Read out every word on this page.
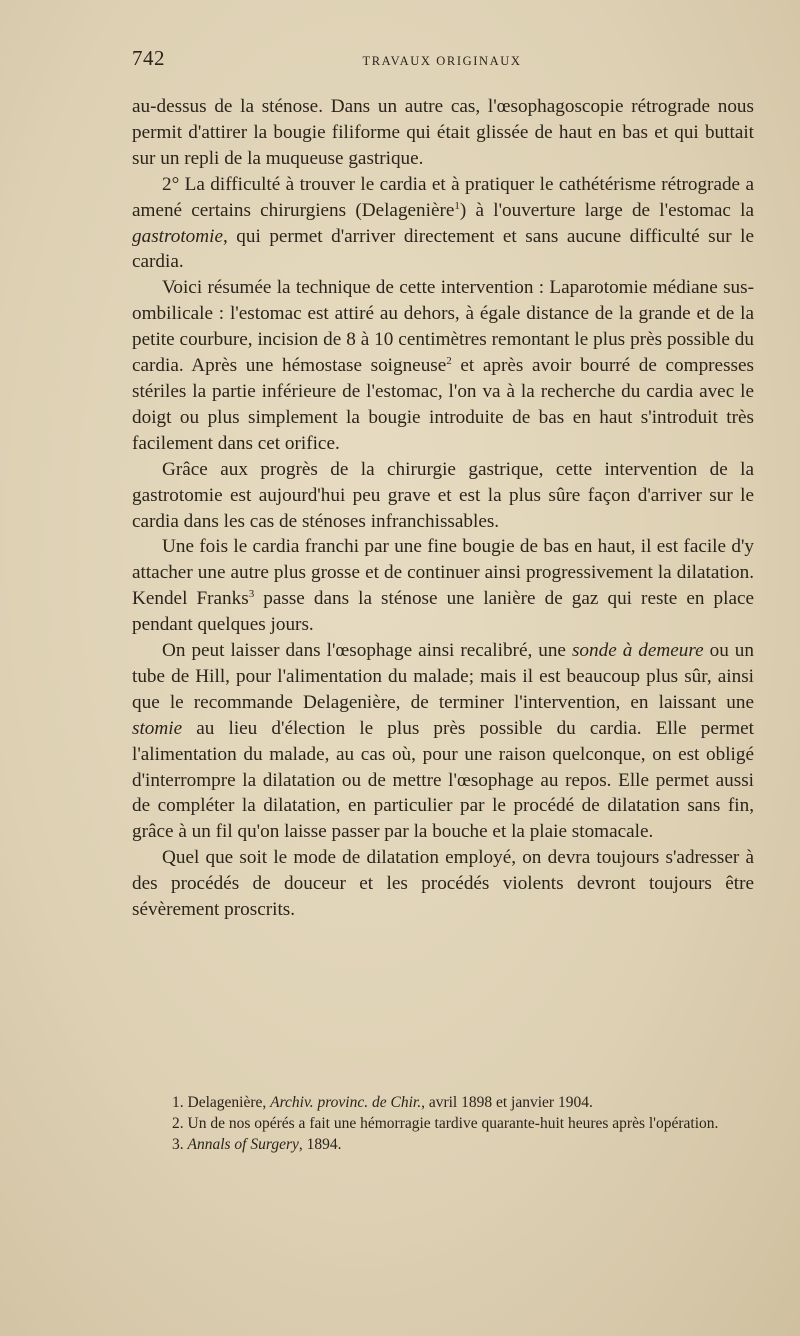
742	TRAVAUX ORIGINAUX

au-dessus de la sténose. Dans un autre cas, l'œsophagoscopie rétrograde nous permit d'attirer la bougie filiforme qui était glissée de haut en bas et qui buttait sur un repli de la muqueuse gastrique.

2° La difficulté à trouver le cardia et à pratiquer le cathétérisme rétrograde a amené certains chirurgiens (Delagenière$^1$) à l'ouverture large de l'estomac la gastrotomie, qui permet d'arriver directement et sans aucune difficulté sur le cardia.

Voici résumée la technique de cette intervention : Laparotomie médiane sus-ombilicale : l'estomac est attiré au dehors, à égale distance de la grande et de la petite courbure, incision de 8 à 10 centimètres remontant le plus près possible du cardia. Après une hémostase soigneuse$^2$ et après avoir bourré de compresses stériles la partie inférieure de l'estomac, l'on va à la recherche du cardia avec le doigt ou plus simplement la bougie introduite de bas en haut s'introduit très facilement dans cet orifice.

Grâce aux progrès de la chirurgie gastrique, cette intervention de la gastrotomie est aujourd'hui peu grave et est la plus sûre façon d'arriver sur le cardia dans les cas de sténoses infranchissables.

Une fois le cardia franchi par une fine bougie de bas en haut, il est facile d'y attacher une autre plus grosse et de continuer ainsi progressivement la dilatation. Kendel Franks$^3$ passe dans la sténose une lanière de gaz qui reste en place pendant quelques jours.

On peut laisser dans l'œsophage ainsi recalibré, une sonde à demeure ou un tube de Hill, pour l'alimentation du malade; mais il est beaucoup plus sûr, ainsi que le recommande Delagenière, de terminer l'intervention, en laissant une stomie au lieu d'élection le plus près possible du cardia. Elle permet l'alimentation du malade, au cas où, pour une raison quelconque, on est obligé d'interrompre la dilatation ou de mettre l'œsophage au repos. Elle permet aussi de compléter la dilatation, en particulier par le procédé de dilatation sans fin, grâce à un fil qu'on laisse passer par la bouche et la plaie stomacale.

Quel que soit le mode de dilatation employé, on devra toujours s'adresser à des procédés de douceur et les procédés violents devront toujours être sévèrement proscrits.

1. Delagenière, Archiv. provinc. de Chir., avril 1898 et janvier 1904.

2. Un de nos opérés a fait une hémorragie tardive quarante-huit heures après l'opération.

3. Annals of Surgery, 1894.
